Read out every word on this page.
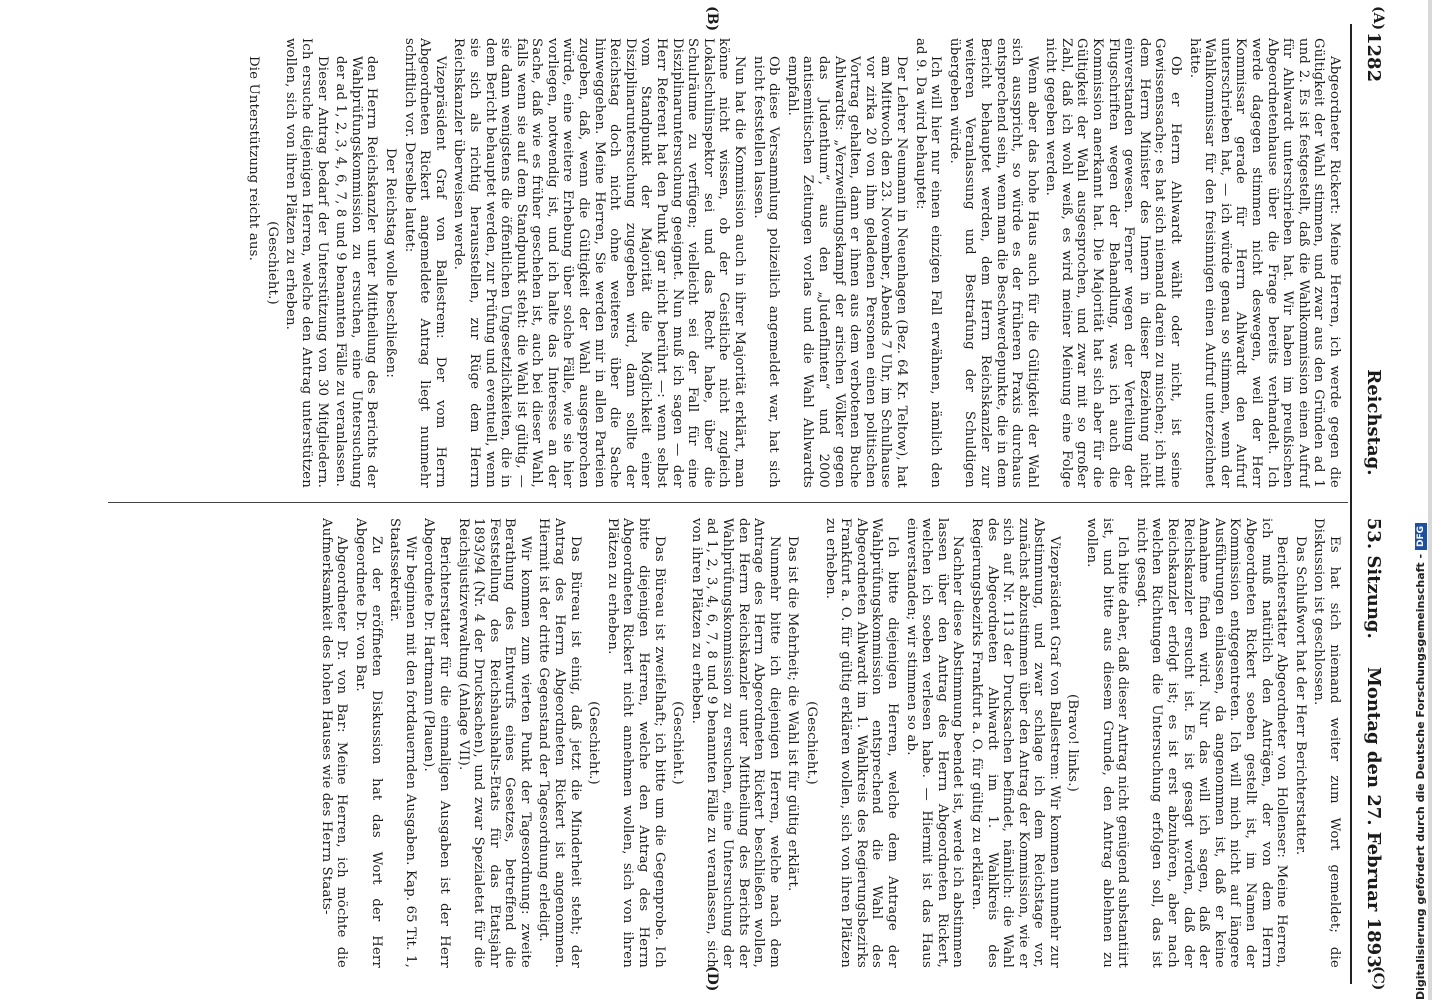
1282
Reichstag. 53. Sitzung.
Montag den 27. Februar 1893.
(A)
(B)
(C)
(D)

Abgeordneter Rickert: Meine Herren, ich werde gegen die Gültigkeit der Wahl stimmen, und zwar aus den Gründen ad 1 und 2. Es ist festgestellt, daß die Wahlkommission einen Aufruf für Ahlwardt unterschrieben hat. Wir haben im preußischen Abgeordnetenhause über die Frage bereits verhandelt. Ich werde dagegen stimmen nicht deswegen, weil der Herr Kommissar gerade für Herrn Ahlwardt den Aufruf unterschrieben hat, — ich würde genau so stimmen, wenn der Wahlkommissar für den freisinnigen einen Aufruf unterzeichnet hätte.

Ob er Herrn Ahlwardt wählt oder nicht, ist seine Gewissenssache; es hat sich niemand darein zu mischen; ich mit dem Herrn Minister des Innern in dieser Beziehung nicht einverstanden gewesen. Ferner wegen der Verteilung der Flugschriften wegen der Behandlung, was ich auch die Kommission anerkannt hat. Die Majorität hat sich aber für die Gültigkeit der Wahl ausgesprochen, und zwar mit so großer Zahl, daß ich wohl weiß, es wird meiner Meinung eine Folge nicht gegeben werden.

Wenn aber das hohe Haus auch für die Gültigkeit der Wahl sich ausspricht, so würde es der früheren Praxis durchaus entsprechend sein, wenn man die Beschwerdepunkte, die in dem Bericht behauptet werden, dem Herrn Reichskanzler zur weiteren Veranlassung und Bestrafung der Schuldigen übergeben würde.

Ich will hier nur einen einzigen Fall erwähnen, nämlich den ad 9. Da wird behauptet:

Der Lehrer Neumann in Neuenhagen (Bez. 64 Kr. Teltow), hat am Mittwoch den 23. November, Abends 7 Uhr, im Schulhause vor zirka 20 von ihm geladenen Personen einen politischen Vortrag gehalten, dann er ihnen aus dem verbotenen Buche Ahlwardts: „Verzweiflungskampf der arischen Völker gegen das Judenthum“, aus den „Judenflinten“ und 2000 antisemitischen Zeitungen vorlas und die Wahl Ahlwardts empfahl.

Ob diese Versammlung polizeilich angemeldet war, hat sich nicht feststellen lassen.

Nun hat die Kommission auch in ihrer Majorität erklärt, man könne nicht wissen, ob der Geistliche nicht zugleich Lokalschulinspektor sei und das Recht habe, über die Schulräume zu verfügen; vielleicht sei der Fall für eine Disziplinaruntersuchung geeignet. Nun muß ich sagen — der Herr Referent hat den Punkt gar nicht berührt —: wenn selbst vom Standpunkt der Majorität die Möglichkeit einer Disziplinaruntersuchung zugegeben wird, dann sollte der Reichstag doch nicht ohne weiteres über die Sache hinweggehen. Meine Herren, Sie werden mir in allen Parteien zugeben, daß, wenn die Gültigkeit der Wahl ausgesprochen würde, eine weitere Erhebung über solche Fälle, wie sie hier vorliegen, notwendig ist, und ich halte das Interesse an der Sache, daß wie es früher geschehen ist, auch bei dieser Wahl, falls wenn sie auf dem Standpunkt steht: die Wahl ist gültig, — sie dann wenigstens die öffentlichen Ungesetzlichkeiten, die in dem Bericht behauptet werden, zur Prüfung und eventuell, wenn sie sich als richtig herausstellen, zur Rüge dem Herrn Reichskanzler überweisen werde.

Vizepräsident Graf von Ballestrem: Der vom Herrn Abgeordneten Rickert angemeldete Antrag liegt nunmehr schriftlich vor. Derselbe lautet:

Der Reichstag wolle beschließen:

den Herrn Reichskanzler unter Mittheilung des Berichts der Wahlprüfungskommission zu ersuchen, eine Untersuchung der ad 1, 2, 3, 4, 6, 7, 8 und 9 benannten Fälle zu veranlassen.

Dieser Antrag bedarf der Unterstützung von 30 Mitgliedern. Ich ersuche diejenigen Herren, welche den Antrag unterstützen wollen, sich von ihren Plätzen zu erheben.

(Geschieht.)

Die Unterstützung reicht aus.

Es hat sich niemand weiter zum Wort gemeldet; die Diskussion ist geschlossen.

Das Schlußwort hat der Herr Berichterstatter.

Berichterstatter Abgeordneter von Hollenser: Meine Herren, ich muß natürlich den Anträgen, der von dem Herrn Abgeordneten Rickert soeben gestellt ist, im Namen der Kommission entgegentreten. Ich will mich nicht auf längere Ausführungen einlassen, da angenommen ist, daß er keine Annahme finden wird. Nur das will ich sagen, daß der Reichskanzler ersucht ist. Es ist gesagt worden, daß der Reichskanzler erfolgt ist; es ist erst abzuhören, aber nach welchen Richtungen die Untersuchung erfolgen soll, das ist nicht gesagt.

Ich bitte daher, daß dieser Antrag nicht genügend substantiirt ist, und bitte aus diesem Grunde, den Antrag ablehnen zu wollen.

(Bravo! links.)

Vizepräsident Graf von Ballestrem: Wir kommen nunmehr zur Abstimmung, und zwar schlage ich dem Reichstage vor, zunächst abzustimmen über den Antrag der Kommission, wie er sich auf Nr. 113 der Drucksachen befindet, nämlich: die Wahl des Abgeordneten Ahlwardt im 1. Wahlkreis des Regierungsbezirks Frankfurt a. O. für gültig zu erklären.

Nachher diese Abstimmung beendet ist, werde ich abstimmen lassen über den Antrag des Herrn Abgeordneten Rickert, welchen ich soeben verlesen habe. — Hiermit ist das Haus einverstanden; wir stimmen so ab.

Ich bitte diejenigen Herren, welche dem Antrage der Wahlprüfungskommission entsprechend die Wahl des Abgeordneten Ahlwardt im 1. Wahlkreis des Regierungsbezirks Frankfurt a. O. für gültig erklären wollen, sich von ihren Plätzen zu erheben.

(Geschieht.)

Das ist die Mehrheit; die Wahl ist für gültig erklärt.

Nunmehr bitte ich diejenigen Herren, welche nach dem Antrage des Herrn Abgeordneten Rickert beschließen wollen, den Herrn Reichskanzler unter Mittheilung des Berichts der Wahlprüfungskommission zu ersuchen, eine Untersuchung der ad 1, 2, 3, 4, 6, 7, 8 und 9 benannten Fälle zu veranlassen, sich von ihren Plätzen zu erheben.

(Geschieht.)

Das Büreau ist zweifelhaft; ich bitte um die Gegenprobe. Ich bitte diejenigen Herren, welche den Antrag des Herrn Abgeordneten Rickert nicht annehmen wollen, sich von ihren Plätzen zu erheben.

(Geschieht.)

Das Büreau ist einig, daß jetzt die Minderheit steht; der Antrag des Herrn Abgeordneten Rickert ist angenommen. Hiermit ist der dritte Gegenstand der Tagesordnung erledigt.

Wir kommen zum vierten Punkt der Tagesordnung: zweite Berathung des Entwurfs eines Gesetzes, betreffend die Feststellung des Reichshaushalts-Etats für das Etatsjahr 1893/94 (Nr. 4 der Drucksachen), und zwar Spezialetat für die Reichsjustizverwaltung (Anlage VII).

Berichterstatter für die einmaligen Ausgaben ist der Herr Abgeordnete Dr. Hartmann (Plauen).

Wir beginnen mit den fortdauernden Ausgaben. Kap. 65 Tit. 1, Staatssekretär.

Zu der eröffneten Diskussion hat das Wort der Herr Abgeordnete Dr. von Bar.

Abgeordneter Dr. von Bar: Meine Herren, ich möchte die Aufmerksamkeit des hohen Hauses wie des Herrn Staats-	Digitalisierung gefördert durch die Deutsche Forschungsgemeinschaft -DFG
